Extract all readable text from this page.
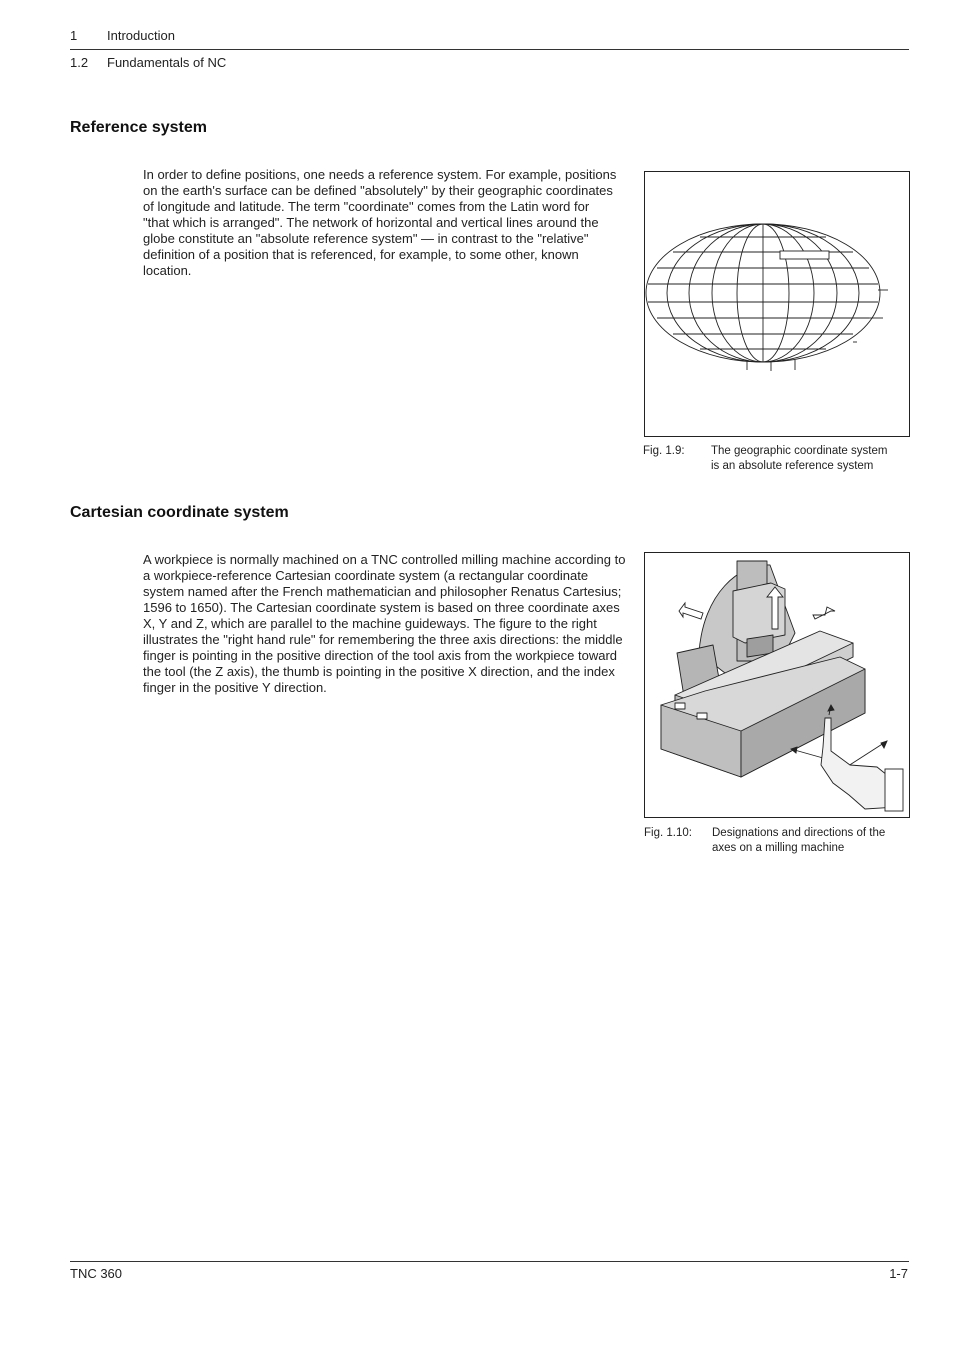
1 Introduction
1.2 Fundamentals of NC
Reference system

In order to define positions, one needs a reference system. For example, positions on the earth's surface can be defined "absolutely" by their geographic coordinates of longitude and latitude. The term "coordinate" comes from the Latin word for "that which is arranged". The network of horizontal and vertical lines around the globe constitute an "absolute reference system" — in contrast to the "relative" definition of a position that is referenced, for example, to some other, known location.

Fig. 1.9: The geographic coordinate system
is an absolute reference system
Cartesian coordinate system

A workpiece is normally machined on a TNC controlled milling machine according to a workpiece-reference Cartesian coordinate system (a rectangular coordinate system named after the French mathematician and philosopher Renatus Cartesius; 1596 to 1650). The Cartesian coordinate system is based on three coordinate axes X, Y and Z, which are parallel to the machine guideways. The figure to the right illustrates the "right hand rule" for remembering the three axis directions: the middle finger is pointing in the positive direction of the tool axis from the workpiece toward the tool (the Z axis), the thumb is pointing in the positive X direction, and the index finger in the positive Y direction.

Fig. 1.10: Designations and directions of the
axes on a milling machine
TNC 360	1-7
